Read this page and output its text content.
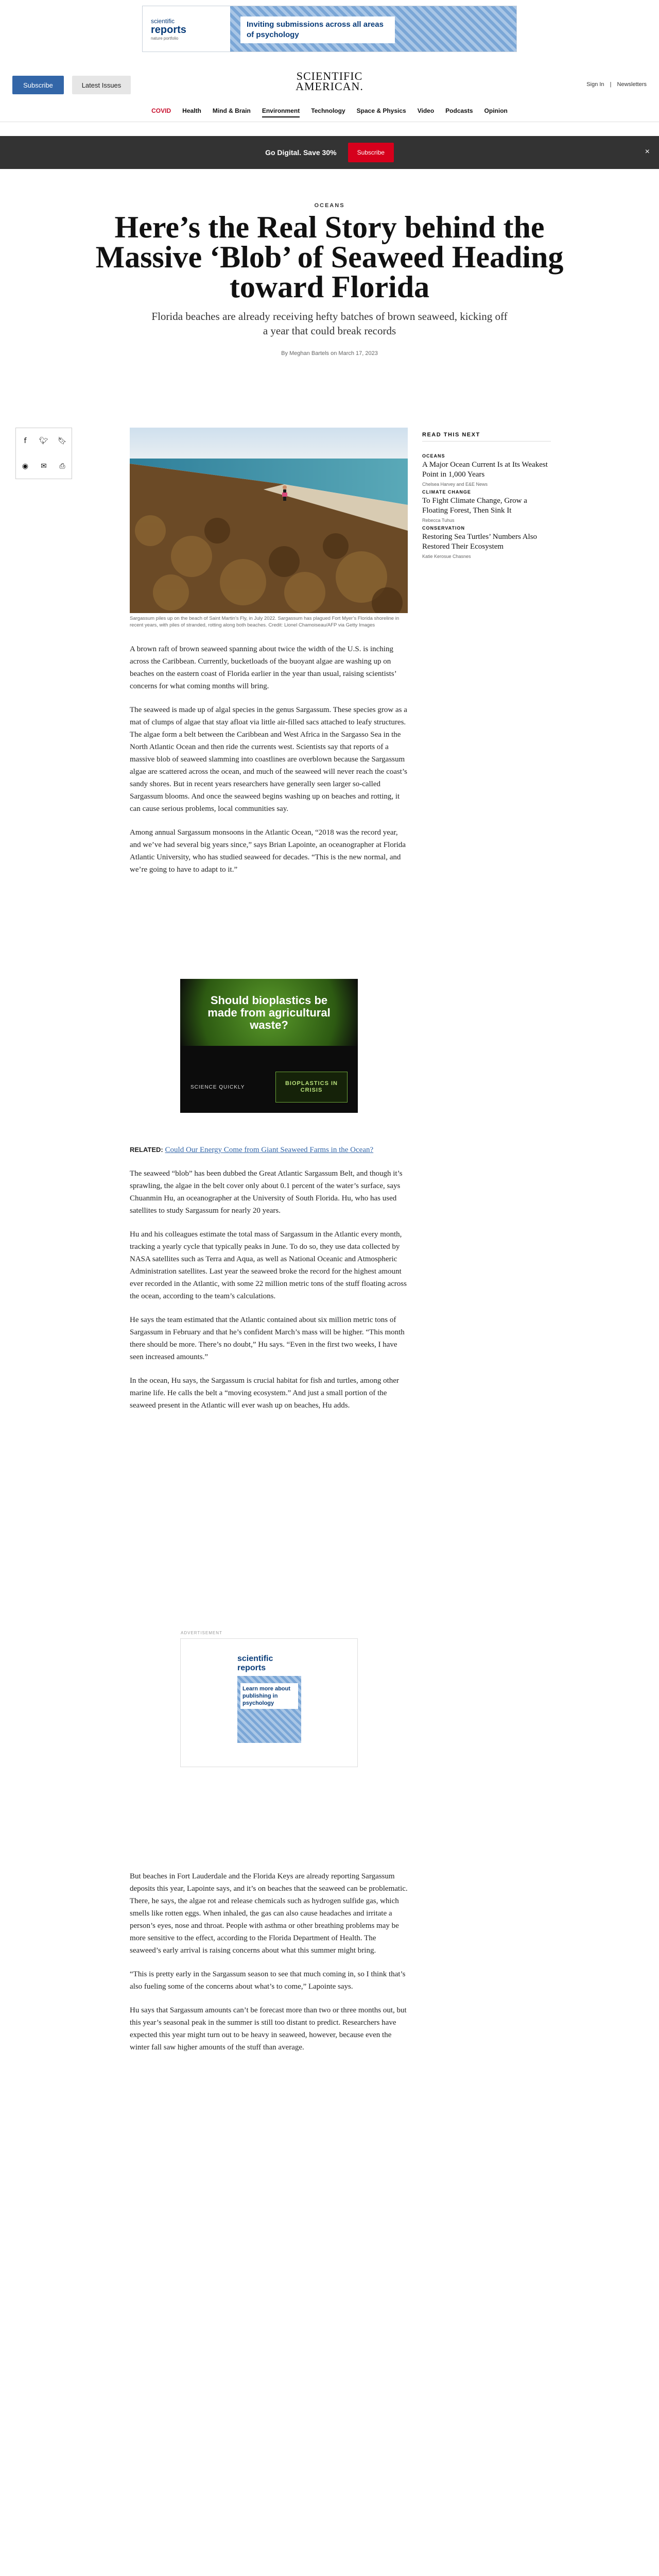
scientific
reports
nature portfolio
Inviting submissions across all areas of psychology
Subscribe	Latest Issues
SCIENTIFIC AMERICAN.	Sign In | Newsletters
COVID Health Mind & Brain Environment Technology Space & Physics Video Podcasts Opinion
Go Digital. Save 30%	Subscribe	×
OCEANS
Here’s the Real Story behind the Massive ‘Blob’ of Seaweed Heading toward Florida
Florida beaches are already receiving hefty batches of brown seaweed, kicking off a year that could break records
By Meghan Bartels on March 17, 2023
f 🐦︎ 🔖︎
◉ ✉ ⎙
Sargassum piles up on the beach of Saint Martin’s Fly, in July 2022. Sargassum has plagued Fort Myer’s Florida shoreline in recent years, with piles of stranded, rotting along both beaches. Credit: Lionel Chamoiseau/AFP via Getty Images
READ THIS NEXT
OCEANS
A Major Ocean Current Is at Its Weakest Point in 1,000 Years
Chelsea Harvey and E&E News
CLIMATE CHANGE
To Fight Climate Change, Grow a Floating Forest, Then Sink It
Rebecca Tuhus
CONSERVATION
Restoring Sea Turtles’ Numbers Also Restored Their Ecosystem
Katie Kerosue Chasnes

A brown raft of brown seaweed spanning about twice the width of the U.S. is inching across the Caribbean. Currently, bucketloads of the buoyant algae are washing up on beaches on the eastern coast of Florida earlier in the year than usual, raising scientists’ concerns for what coming months will bring.

The seaweed is made up of algal species in the genus Sargassum. These species grow as a mat of clumps of algae that stay afloat via little air-filled sacs attached to leafy structures. The algae form a belt between the Caribbean and West Africa in the Sargasso Sea in the North Atlantic Ocean and then ride the currents west. Scientists say that reports of a massive blob of seaweed slamming into coastlines are overblown because the Sargassum algae are scattered across the ocean, and much of the seaweed will never reach the coast’s sandy shores. But in recent years researchers have generally seen larger so-called Sargassum blooms. And once the seaweed begins washing up on beaches and rotting, it can cause serious problems, local communities say.

Among annual Sargassum monsoons in the Atlantic Ocean, “2018 was the record year, and we’ve had several big years since,” says Brian Lapointe, an oceanographer at Florida Atlantic University, who has studied seaweed for decades. “This is the new normal, and we’re going to have to adapt to it.”

Should bioplastics be made from agricultural waste?
SCIENCE QUICKLY
BIOPLASTICS IN CRISIS

RELATED: Could Our Energy Come from Giant Seaweed Farms in the Ocean?

The seaweed “blob” has been dubbed the Great Atlantic Sargassum Belt, and though it’s sprawling, the algae in the belt cover only about 0.1 percent of the water’s surface, says Chuanmin Hu, an oceanographer at the University of South Florida. Hu, who has used satellites to study Sargassum for nearly 20 years.

Hu and his colleagues estimate the total mass of Sargassum in the Atlantic every month, tracking a yearly cycle that typically peaks in June. To do so, they use data collected by NASA satellites such as Terra and Aqua, as well as National Oceanic and Atmospheric Administration satellites. Last year the seaweed broke the record for the highest amount ever recorded in the Atlantic, with some 22 million metric tons of the stuff floating across the ocean, according to the team’s calculations.

He says the team estimated that the Atlantic contained about six million metric tons of Sargassum in February and that he’s confident March’s mass will be higher. “This month there should be more. There’s no doubt,” Hu says. “Even in the first two weeks, I have seen increased amounts.”

In the ocean, Hu says, the Sargassum is crucial habitat for fish and turtles, among other marine life. He calls the belt a “moving ecosystem.” And just a small portion of the seaweed present in the Atlantic will ever wash up on beaches, Hu adds.

ADVERTISEMENT
scientific reports
Learn more about publishing in psychology

But beaches in Fort Lauderdale and the Florida Keys are already reporting Sargassum deposits this year, Lapointe says, and it’s on beaches that the seaweed can be problematic. There, he says, the algae rot and release chemicals such as hydrogen sulfide gas, which smells like rotten eggs. When inhaled, the gas can also cause headaches and irritate a person’s eyes, nose and throat. People with asthma or other breathing problems may be more sensitive to the effect, according to the Florida Department of Health. The seaweed’s early arrival is raising concerns about what this summer might bring.

“This is pretty early in the Sargassum season to see that much coming in, so I think that’s also fueling some of the concerns about what’s to come,” Lapointe says.

Hu says that Sargassum amounts can’t be forecast more than two or three months out, but this year’s seasonal peak in the summer is still too distant to predict. Researchers have expected this year might turn out to be heavy in seaweed, however, because even the winter fall saw higher amounts of the stuff than average.
